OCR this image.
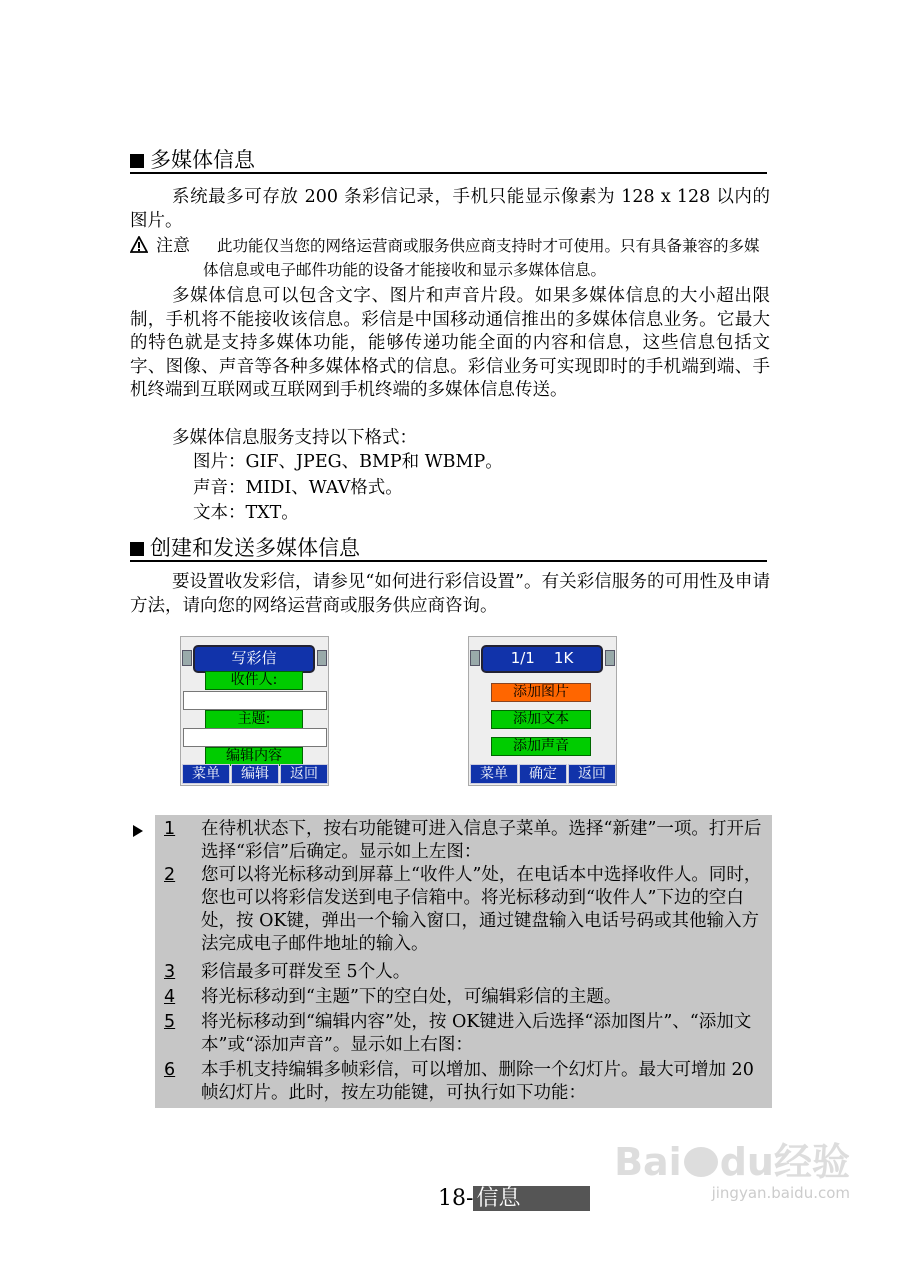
多媒体信息

系统最多可存放 200 条彩信记录，手机只能显示像素为 128 x 128 以内的图片。

注意	此功能仅当您的网络运营商或服务供应商支持时才可使用。只有具备兼容的多媒体信息或电子邮件功能的设备才能接收和显示多媒体信息。

多媒体信息可以包含文字、图片和声音片段。如果多媒体信息的大小超出限制，手机将不能接收该信息。彩信是中国移动通信推出的多媒体信息业务。它最大的特色就是支持多媒体功能，能够传递功能全面的内容和信息，这些信息包括文字、图像、声音等各种多媒体格式的信息。彩信业务可实现即时的手机端到端、手机终端到互联网或互联网到手机终端的多媒体信息传送。

多媒体信息服务支持以下格式：

图片：GIF、JPEG、BMP和 WBMP。
声音：MIDI、WAV格式。
文本：TXT。
创建和发送多媒体信息

要设置收发彩信，请参见“如何进行彩信设置”。有关彩信服务的可用性及申请方法，请向您的网络运营商或服务供应商咨询。

写彩信
收件人:
主题:
编辑内容
菜单	编辑	返回
1/1    1K
添加图片
添加文本
添加声音
菜单	确定	返回
1 在待机状态下，按右功能键可进入信息子菜单。选择“新建”一项。打开后选择“彩信”后确定。显示如上左图：
2 您可以将光标移动到屏幕上“收件人”处，在电话本中选择收件人。同时，您也可以将彩信发送到电子信箱中。将光标移动到“收件人”下边的空白处，按 OK键，弹出一个输入窗口，通过键盘输入电话号码或其他输入方法完成电子邮件地址的输入。
3 彩信最多可群发至 5个人。
4 将光标移动到“主题”下的空白处，可编辑彩信的主题。
5 将光标移动到“编辑内容”处，按 OK键进入后选择“添加图片”、“添加文本”或“添加声音”。显示如上右图：
6 本手机支持编辑多帧彩信，可以增加、删除一个幻灯片。最大可增加 20 帧幻灯片。此时，按左功能键，可执行如下功能：
18- 信息
Bai du经验
jingyan.baidu.com
